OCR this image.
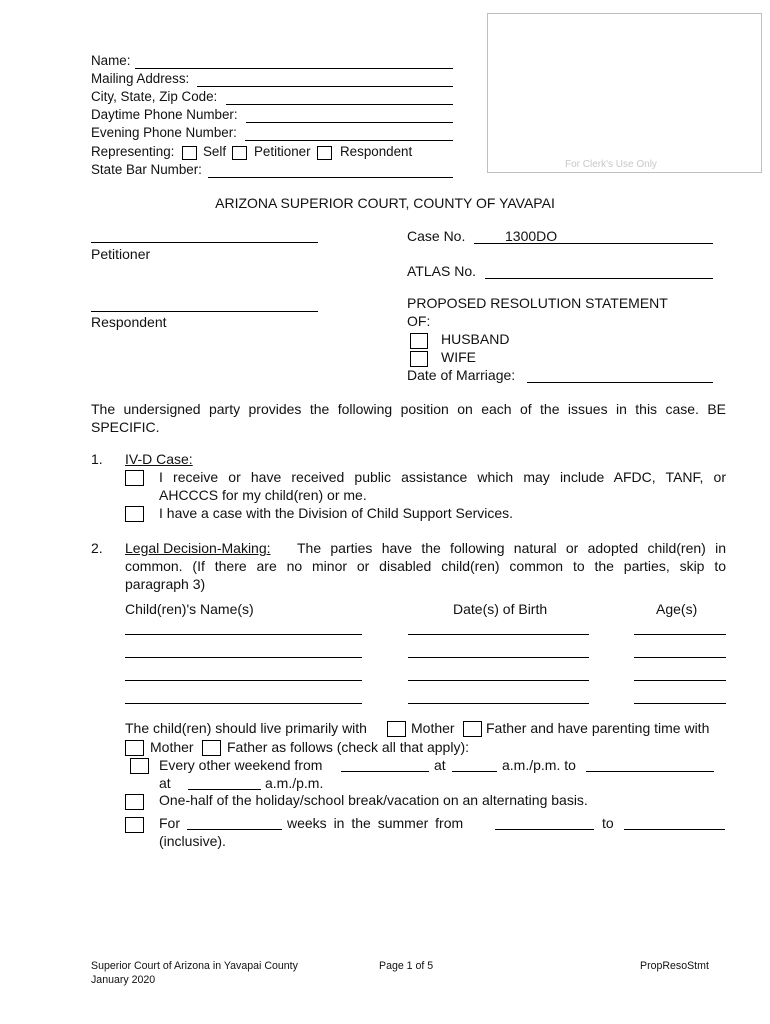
Name:
Mailing Address:
City, State, Zip Code:
Daytime Phone Number:
Evening Phone Number:
Representing: Self Petitioner Respondent
State Bar Number:	For Clerk's Use Only
ARIZONA SUPERIOR COURT, COUNTY OF YAVAPAI
Petitioner
Respondent
Case No.	1300DO
ATLAS No.
PROPOSED RESOLUTION STATEMENT
OF:
HUSBAND
WIFE
Date of Marriage:
The undersigned party provides the following position on each of the issues in this case. BE SPECIFIC.
1. IV-D Case:
I receive or have received public assistance which may include AFDC, TANF, or
AHCCCS for my child(ren) or me.
I have a case with the Division of Child Support Services.
2. Legal Decision-Making: The parties have the following natural or adopted child(ren) in
common. (If there are no minor or disabled child(ren) common to the parties, skip to
paragraph 3)
Child(ren)'s Name(s)	Date(s) of Birth	Age(s)
The child(ren) should live primarily with	Mother Father and have parenting time with
Mother Father as follows (check all that apply):
Every other weekend from	at	a.m./p.m. to
at	a.m./p.m.
One-half of the holiday/school break/vacation on an alternating basis.
For	weeks in the summer from	to
(inclusive).
Superior Court of Arizona in Yavapai County
January 2020
Page 1 of 5	PropResoStmt
